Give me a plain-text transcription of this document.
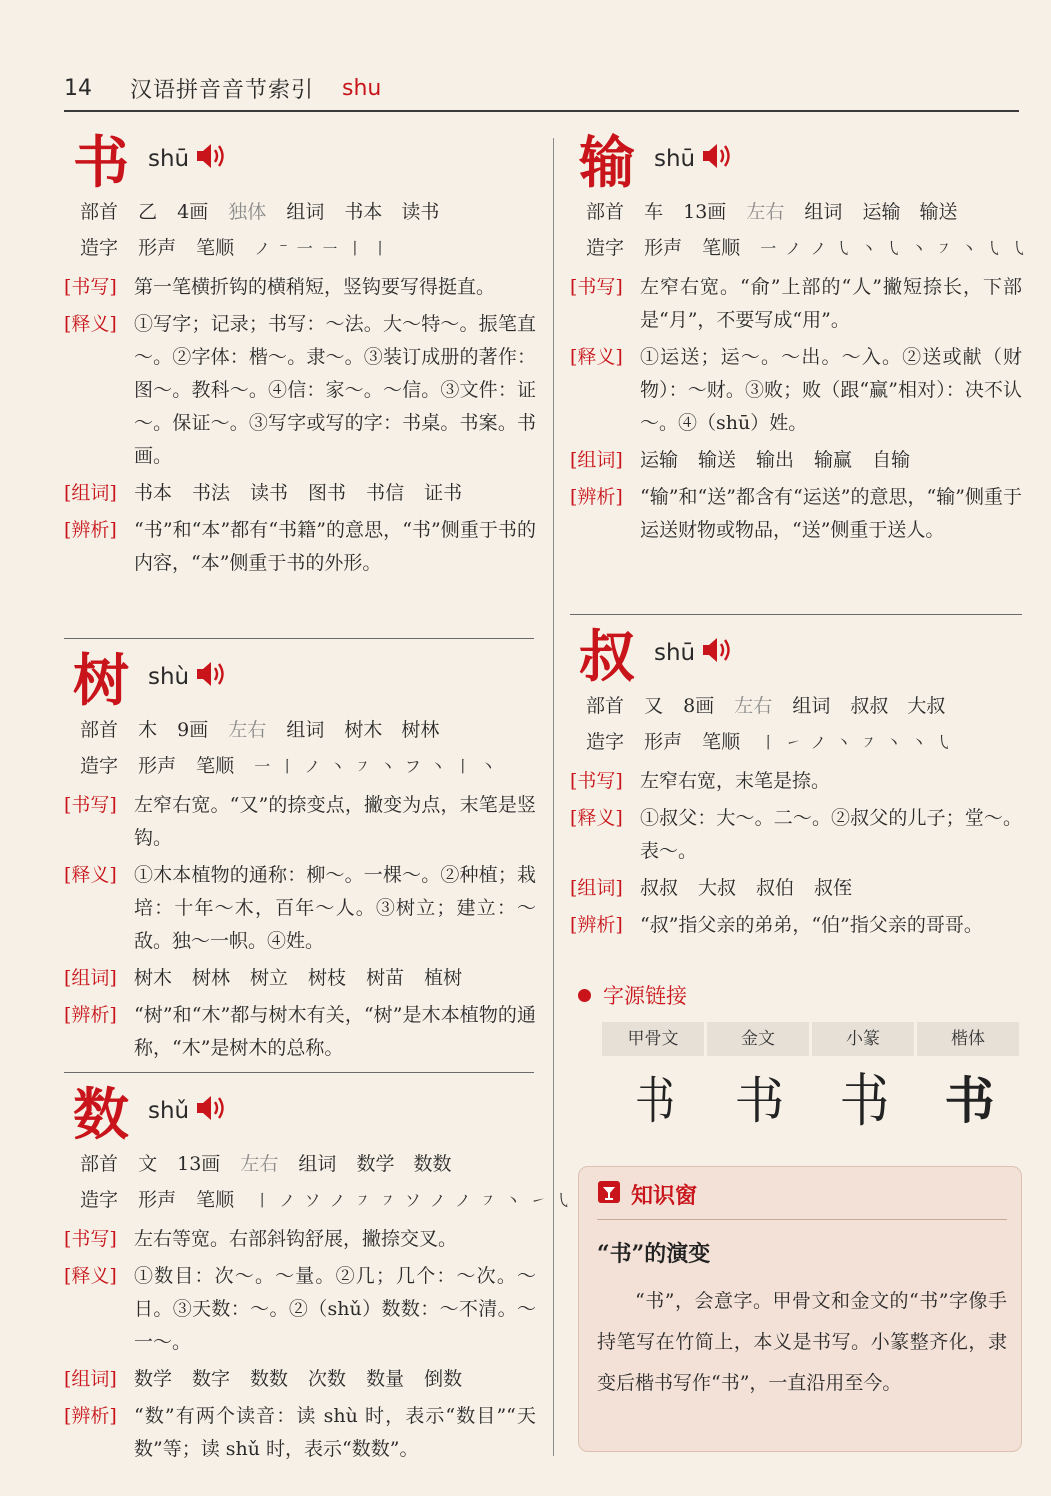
14 汉语拼音音节索引 shu
书 shū
部首 乙 4画 独体 组词 书本　读书
造字 形声 笔顺 ノ ⁻ 一 ㇐ 丨 丨
[书写] 第一笔横折钩的横稍短，竖钩要写得挺直。
[释义] ①写字；记录；书写：～法。大～特～。振笔直～。②字体：楷～。隶～。③装订成册的著作：图～。教科～。④信：家～。～信。③文件：证～。保证～。③写字或写的字：书桌。书案。书画。
[组词] 书本 书法 读书 图书 书信 证书
[辨析] “书”和“本”都有“书籍”的意思，“书”侧重于书的内容，“本”侧重于书的外形。
树 shù
部首 木 9画 左右 组词 树木　树林
造字 形声 笔顺 一 丨 ノ 丶 ㇇ 丶 フ 丶 丨 丶
[书写] 左窄右宽。“又”的捺变点，撇变为点，末笔是竖钩。
[释义] ①木本植物的通称：柳～。一棵～。②种植；栽培：十年～木，百年～人。③树立；建立：～敌。独～一帜。④姓。
[组词] 树木 树林 树立 树枝 树苗 植树
[辨析] “树”和“木”都与树木有关，“树”是木本植物的通称，“木”是树木的总称。
数 shǔ
部首 文 13画 左右 组词 数学　数数
造字 形声 笔顺 丨 ノ ソ ノ ㇇ ㇇ ソ ノ ノ ㇇ 丶 ㇀ ㇂
[书写] 左右等宽。右部斜钩舒展，撇捺交叉。
[释义] ①数目：次～。～量。②几；几个：～次。～日。③天数：～。②（shǔ）数数：～不清。～一～。
[组词] 数学 数字 数数 次数 数量 倒数
[辨析] “数”有两个读音：读 shù 时，表示“数目”“天数”等；读 shǔ 时，表示“数数”。
输 shū
部首 车 13画 左右 组词 运输　输送
造字 形声 笔顺 一 ノ ノ ㇂ 丶 ㇂ 丶 ㇇ 丶 ㇂ ㇂
[书写] 左窄右宽。“俞”上部的“人”撇短捺长，下部是“月”，不要写成“用”。
[释义] ①运送；运～。～出。～入。②送或献（财物）：～财。③败；败（跟“赢”相对）：决不认～。④（shū）姓。
[组词] 运输 输送 输出 输赢 自输
[辨析] “输”和“送”都含有“运送”的意思，“输”侧重于运送财物或物品，“送”侧重于送人。
叔 shū
部首 又 8画 左右 组词 叔叔　大叔
造字 形声 笔顺 丨 ㇀ ノ 丶 ㇇ 丶 丶 ㇂
[书写] 左窄右宽，末笔是捺。
[释义] ①叔父：大～。二～。②叔父的儿子；堂～。表～。
[组词] 叔叔 大叔 叔伯 叔侄
[辨析] “叔”指父亲的弟弟，“伯”指父亲的哥哥。
字源链接
甲骨文	金文	小篆	楷体
书	书	书	书
知识窗
“书”的演变
“书”，会意字。甲骨文和金文的“书”字像手持笔写在竹简上，本义是书写。小篆整齐化，隶变后楷书写作“书”，一直沿用至今。
